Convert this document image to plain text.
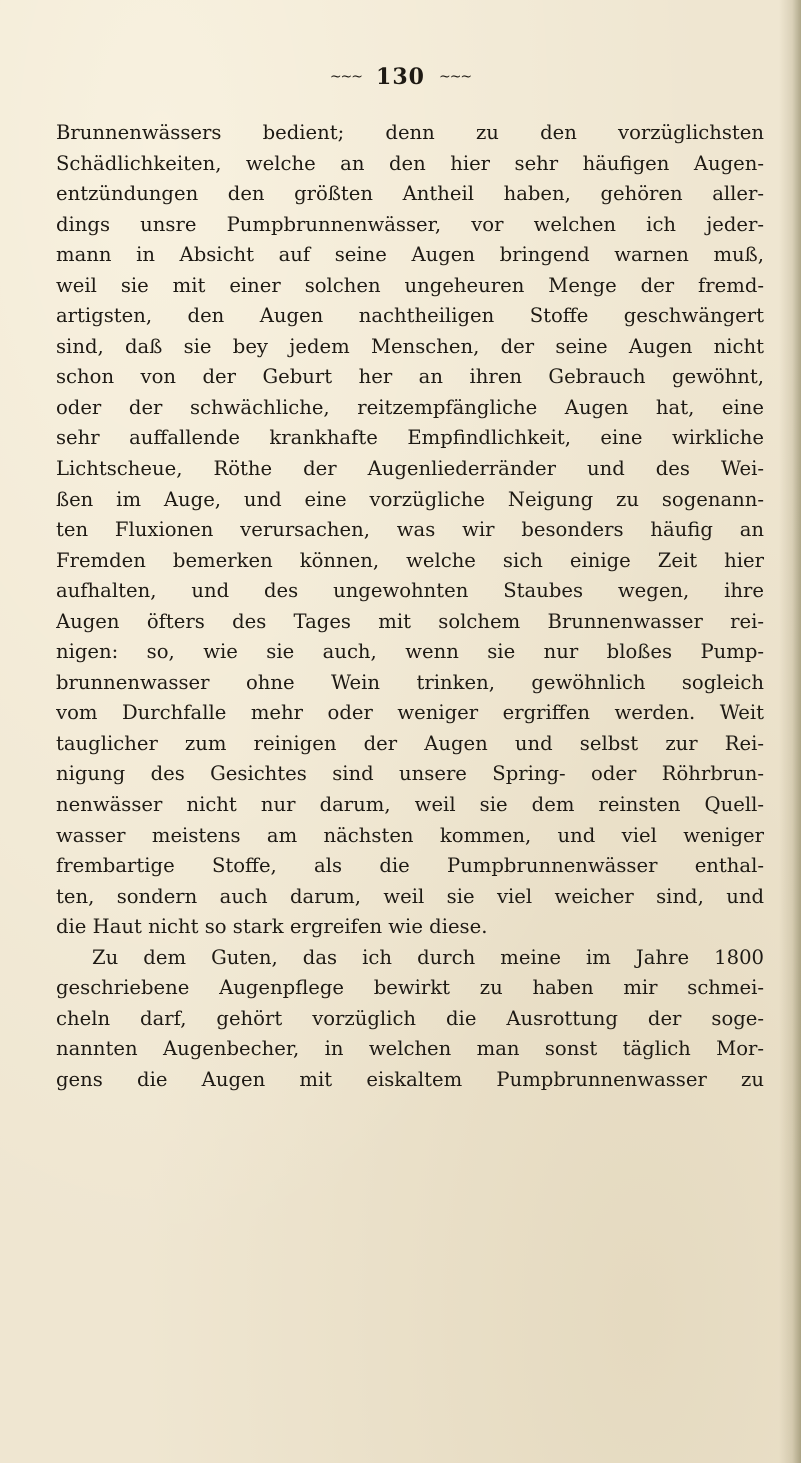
~~~ 130 ~~~
Brunnenwässers bedient; denn zu den vorzüglichsten
Schädlichkeiten, welche an den hier sehr häufigen Augen-
entzündungen den größten Antheil haben, gehören aller-
dings unsre Pumpbrunnenwässer, vor welchen ich jeder-
mann in Absicht auf seine Augen bringend warnen muß,
weil sie mit einer solchen ungeheuren Menge der fremd-
artigsten, den Augen nachtheiligen Stoffe geschwängert
sind, daß sie bey jedem Menschen, der seine Augen nicht
schon von der Geburt her an ihren Gebrauch gewöhnt,
oder der schwächliche, reitzempfängliche Augen hat, eine
sehr auffallende krankhafte Empfindlichkeit, eine wirkliche
Lichtscheue, Röthe der Augenliederränder und des Wei-
ßen im Auge, und eine vorzügliche Neigung zu sogenann-
ten Fluxionen verursachen, was wir besonders häufig an
Fremden bemerken können, welche sich einige Zeit hier
aufhalten, und des ungewohnten Staubes wegen, ihre
Augen öfters des Tages mit solchem Brunnenwasser rei-
nigen: so, wie sie auch, wenn sie nur bloßes Pump-
brunnenwasser ohne Wein trinken, gewöhnlich sogleich
vom Durchfalle mehr oder weniger ergriffen werden. Weit
tauglicher zum reinigen der Augen und selbst zur Rei-
nigung des Gesichtes sind unsere Spring- oder Röhrbrun-
nenwässer nicht nur darum, weil sie dem reinsten Quell-
wasser meistens am nächsten kommen, und viel weniger
frembartige Stoffe, als die Pumpbrunnenwässer enthal-
ten, sondern auch darum, weil sie viel weicher sind, und
die Haut nicht so stark ergreifen wie diese.
Zu dem Guten, das ich durch meine im Jahre 1800
geschriebene Augenpflege bewirkt zu haben mir schmei-
cheln darf, gehört vorzüglich die Ausrottung der soge-
nannten Augenbecher, in welchen man sonst täglich Mor-
gens die Augen mit eiskaltem Pumpbrunnenwasser zu
